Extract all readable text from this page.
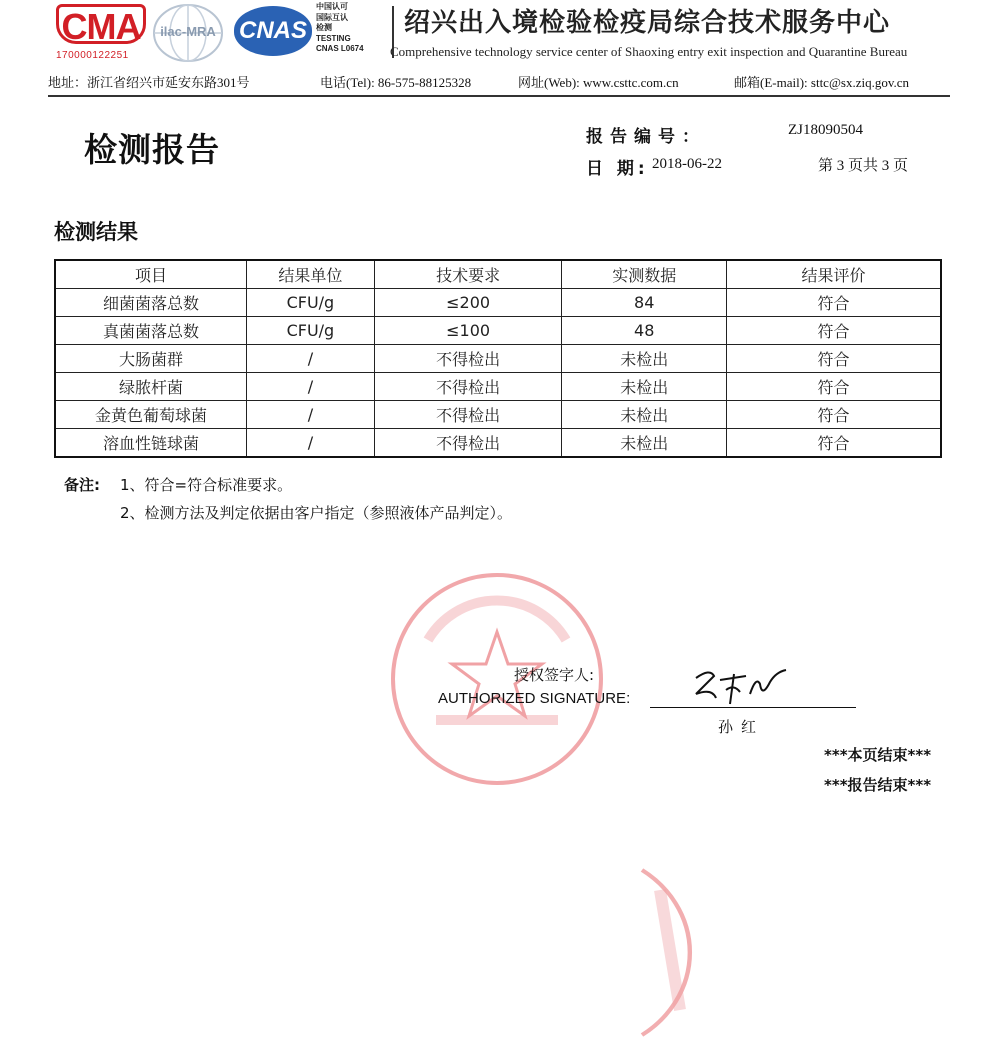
CMA
170000122251
ilac-MRA CNAS
中国认可
国际互认
检测
TESTING
CNAS L0674
绍兴出入境检验检疫局综合技术服务中心
Comprehensive technology service center of Shaoxing entry exit inspection and Quarantine Bureau
地址：浙江省绍兴市延安东路301号	电话(Tel): 86-575-88125328	网址(Web): www.csttc.com.cn	邮箱(E-mail): sttc@sx.ziq.gov.cn
检测报告	报告编号：	ZJ18090504
日 期: 2018-06-22	第 3 页共 3 页
检测结果
项目	结果单位	技术要求	实测数据	结果评价
细菌菌落总数	CFU/g	≤200	84	符合
真菌菌落总数	CFU/g	≤100	48	符合
大肠菌群	/	不得检出	未检出	符合
绿脓杆菌	/	不得检出	未检出	符合
金黄色葡萄球菌	/	不得检出	未检出	符合
溶血性链球菌	/	不得检出	未检出	符合
备注: 1、符合=符合标准要求。
2、检测方法及判定依据由客户指定（参照液体产品判定）。
授权签字人:
AUTHORIZED SIGNATURE:
孙红
***本页结束***
***报告结束***
